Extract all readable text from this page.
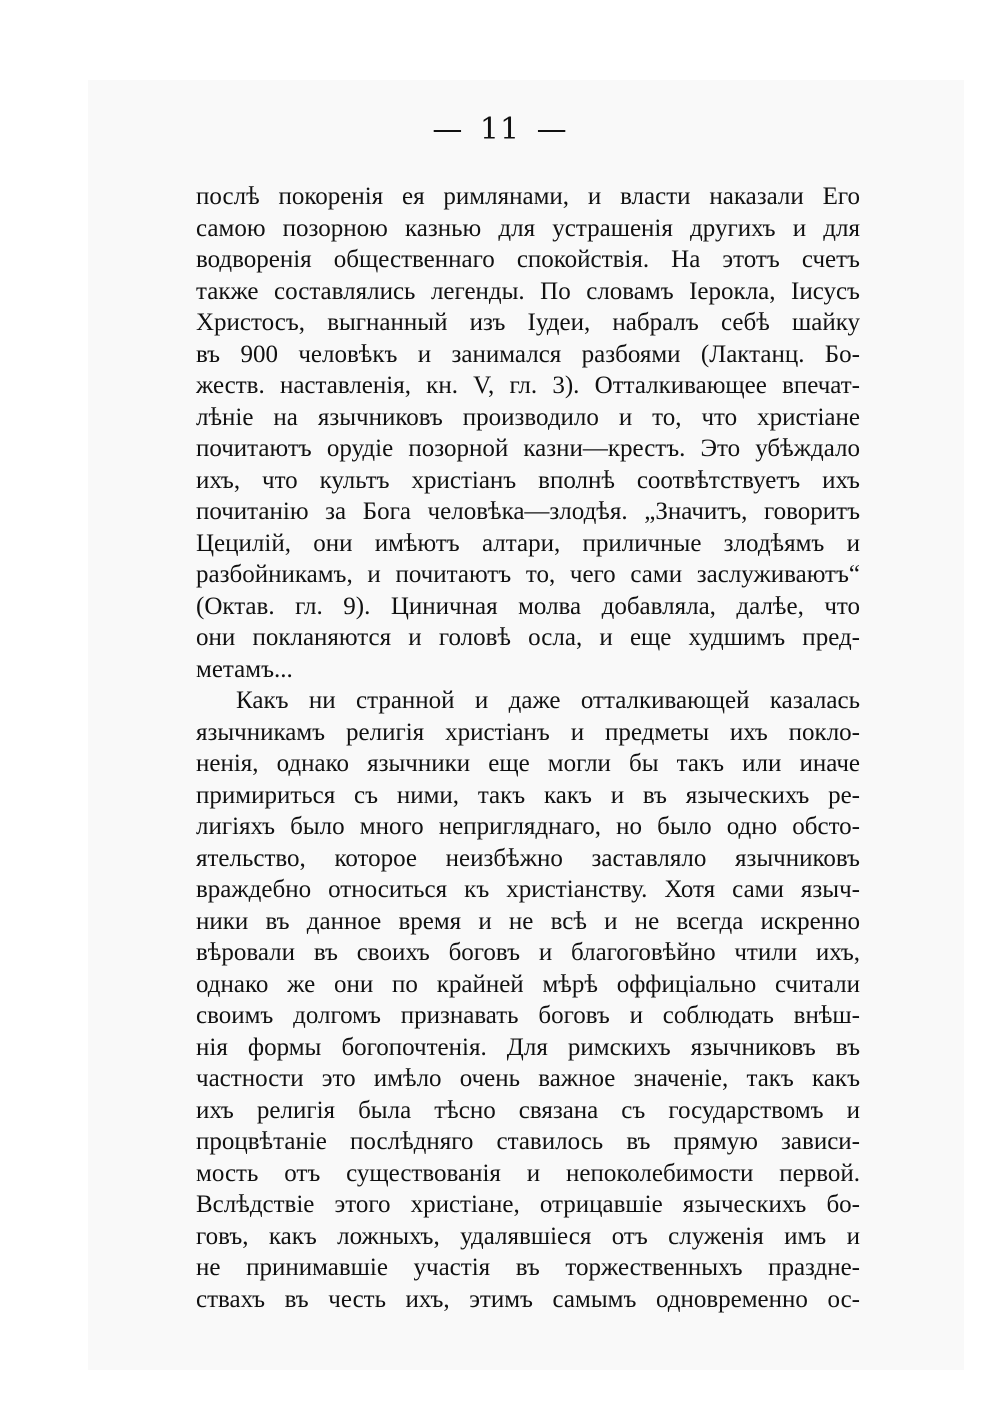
— 11 —
послѣ покоренія ея римлянами, и власти наказали Его
самою позорною казнью для устрашенія другихъ и для
водворенія общественнаго спокойствія. На этотъ счетъ
также составлялись легенды. По словамъ Іерокла, Іисусъ
Христосъ, выгнанный изъ Іудеи, набралъ себѣ шайку
въ 900 человѣкъ и занимался разбоями (Лактанц. Бо-
жеств. наставленія, кн. V, гл. 3). Отталкивающее впечат-
лѣніе на язычниковъ производило и то, что христіане
почитаютъ орудіе позорной казни—крестъ. Это убѣждало
ихъ, что культъ христіанъ вполнѣ соотвѣтствуетъ ихъ
почитанію за Бога человѣка—злодѣя. „Значитъ, говоритъ
Цецилій, они имѣютъ алтари, приличные злодѣямъ и
разбойникамъ, и почитаютъ то, чего сами заслуживаютъ“
(Октав. гл. 9). Циничная молва добавляла, далѣе, что
они покланяются и головѣ осла, и еще худшимъ пред-
метамъ...
Какъ ни странной и даже отталкивающей казалась
язычникамъ религія христіанъ и предметы ихъ покло-
ненія, однако язычники еще могли бы такъ или иначе
примириться съ ними, такъ какъ и въ языческихъ ре-
лигіяхъ было много непригляднаго, но было одно обсто-
ятельство, которое неизбѣжно заставляло язычниковъ
враждебно относиться къ христіанству. Хотя сами языч-
ники въ данное время и не всѣ и не всегда искренно
вѣровали въ своихъ боговъ и благоговѣйно чтили ихъ,
однако же они по крайней мѣрѣ оффиціально считали
своимъ долгомъ признавать боговъ и соблюдать внѣш-
нія формы богопочтенія. Для римскихъ язычниковъ въ
частности это имѣло очень важное значеніе, такъ какъ
ихъ религія была тѣсно связана съ государствомъ и
процвѣтаніе послѣдняго ставилось въ прямую зависи-
мость отъ существованія и непоколебимости первой.
Вслѣдствіе этого христіане, отрицавшіе языческихъ бо-
говъ, какъ ложныхъ, удалявшіеся отъ служенія имъ и
не принимавшіе участія въ торжественныхъ праздне-
ствахъ въ честь ихъ, этимъ самымъ одновременно ос-
